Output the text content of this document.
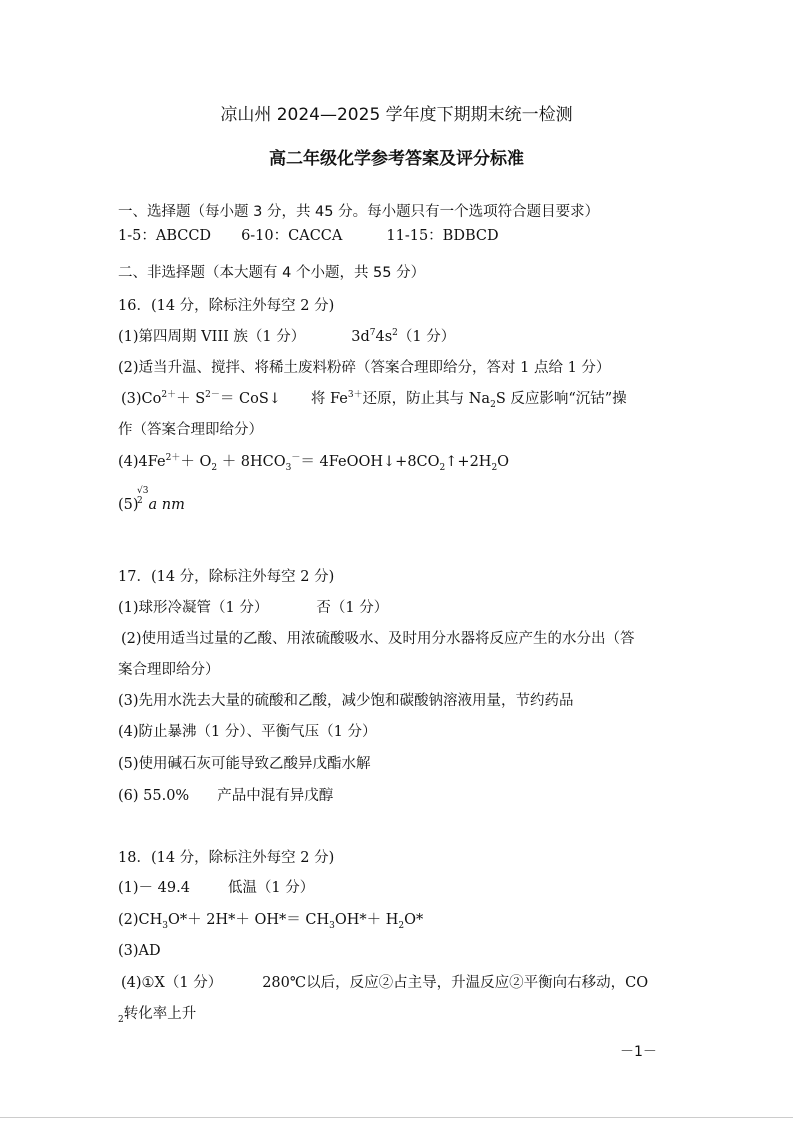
凉山州 2024—2025 学年度下期期末统一检测
高二年级化学参考答案及评分标准
一、选择题（每小题 3 分，共 45 分。每小题只有一个选项符合题目要求）
1-5：ABCCD 6-10：CACCA	11-15：BDBCD
二、非选择题（本大题有 4 个小题，共 55 分）
16．(14 分，除标注外每空 2 分)
(1)第四周期 VIII 族（1 分）	$3d^74s^2(1$ 分）
(2)适当升温、搅拌、将稀土废料粉碎（答案合理即给分，答对 1 点给 1 分）
$(3)Co^{2+}+ S^{2-}=$ CoS↓ 将 $Fe^{3+}$还原，防止其与 $Na_2S$ 反应影响“沉钴”操
作（答案合理即给分）
$(4)4Fe^{2+}+ O_2 + 8HCO_3^-=$ $4FeOOH↓+8CO_2↑+2H_2O$
(5) a nm
√3
2
17．(14 分，除标注外每空 2 分)
(1)球形冷凝管（1 分）	否（1 分）
(2)使用适当过量的乙酸、用浓硫酸吸水、及时用分水器将反应产生的水分出（答
案合理即给分）
(3)先用水洗去大量的硫酸和乙酸，减少饱和碳酸钠溶液用量，节约药品
(4)防止暴沸（1 分）、平衡气压（1 分）
(5)使用碱石灰可能导致乙酸异戊酯水解
(6) 55.0% 产品中混有异戊醇
18．(14 分，除标注外每空 2 分)
(1)－ 49.4	低温（1 分）
$(2)CH_3O*+ 2H*+ OH*= CH_3OH*+ H_2O*$
(3)AD
(4)①X（1 分）	280℃以后，反应②占主导，升温反应②平衡向右移动，CO
$_2$转化率上升
－1－
